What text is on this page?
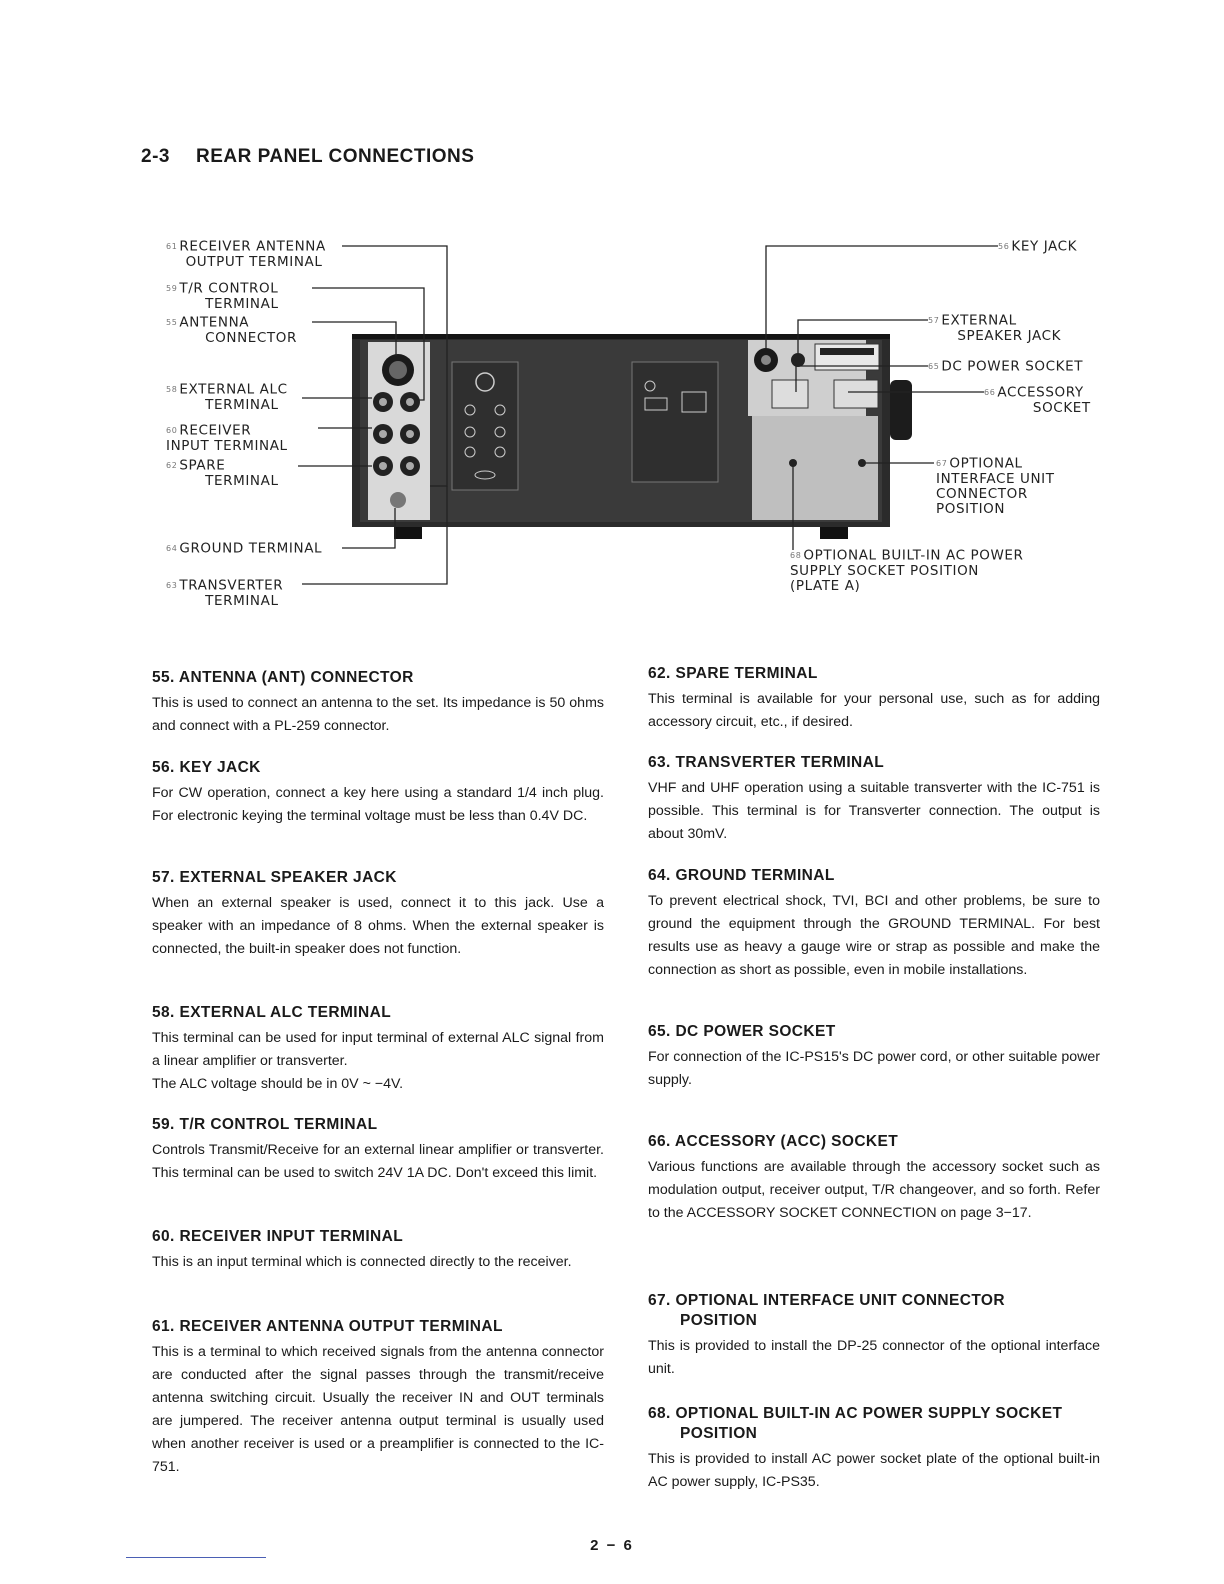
2-3 REAR PANEL CONNECTIONS
61 RECEIVER ANTENNA
OUTPUT TERMINAL
59 T/R CONTROL
TERMINAL
55 ANTENNA
CONNECTOR
58 EXTERNAL ALC
TERMINAL
60 RECEIVER
INPUT TERMINAL
62 SPARE
TERMINAL
64 GROUND TERMINAL
63 TRANSVERTER
TERMINAL
56 KEY JACK
57 EXTERNAL
SPEAKER JACK
65 DC POWER SOCKET
66 ACCESSORY
SOCKET
67 OPTIONAL
INTERFACE UNIT
CONNECTOR
POSITION
68 OPTIONAL BUILT-IN AC POWER
SUPPLY SOCKET POSITION
(PLATE A)
55. ANTENNA (ANT) CONNECTOR

This is used to connect an antenna to the set. Its impedance is 50 ohms and connect with a PL-259 connector.

56. KEY JACK

For CW operation, connect a key here using a standard 1/4 inch plug. For electronic keying the terminal voltage must be less than 0.4V DC.

57. EXTERNAL SPEAKER JACK

When an external speaker is used, connect it to this jack. Use a speaker with an impedance of 8 ohms. When the external speaker is connected, the built-in speaker does not function.

58. EXTERNAL ALC TERMINAL

This terminal can be used for input terminal of external ALC signal from a linear amplifier or transverter.

The ALC voltage should be in 0V ~ −4V.

59. T/R CONTROL TERMINAL

Controls Transmit/Receive for an external linear amplifier or transverter. This terminal can be used to switch 24V 1A DC. Don't exceed this limit.

60. RECEIVER INPUT TERMINAL

This is an input terminal which is connected directly to the receiver.

61. RECEIVER ANTENNA OUTPUT TERMINAL

This is a terminal to which received signals from the antenna connector are conducted after the signal passes through the transmit/receive antenna switching circuit. Usually the receiver IN and OUT terminals are jumpered. The receiver antenna output terminal is usually used when another receiver is used or a preamplifier is connected to the IC-751.

62. SPARE TERMINAL

This terminal is available for your personal use, such as for adding accessory circuit, etc., if desired.

63. TRANSVERTER TERMINAL

VHF and UHF operation using a suitable transverter with the IC-751 is possible. This terminal is for Transverter connection. The output is about 30mV.

64. GROUND TERMINAL

To prevent electrical shock, TVI, BCI and other problems, be sure to ground the equipment through the GROUND TERMINAL. For best results use as heavy a gauge wire or strap as possible and make the connection as short as possible, even in mobile installations.

65. DC POWER SOCKET

For connection of the IC-PS15's DC power cord, or other suitable power supply.

66. ACCESSORY (ACC) SOCKET

Various functions are available through the accessory socket such as modulation output, receiver output, T/R changeover, and so forth. Refer to the ACCESSORY SOCKET CONNECTION on page 3−17.

67. OPTIONAL INTERFACE UNIT CONNECTOR
POSITION

This is provided to install the DP-25 connector of the optional interface unit.

68. OPTIONAL BUILT-IN AC POWER SUPPLY SOCKET
POSITION

This is provided to install AC power socket plate of the optional built-in AC power supply, IC-PS35.

2 − 6
